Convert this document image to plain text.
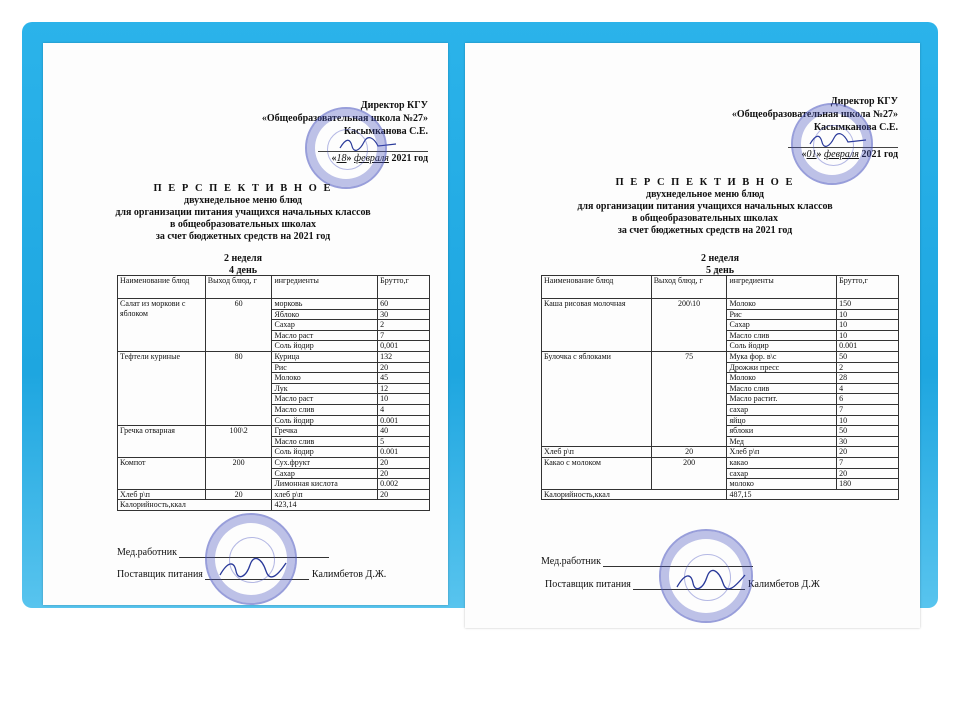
Директор КГУ
«Общеобразовательная школа №27»
Касымканова С.Е.
«18» февраля 2021 год
П Е Р С П Е К Т И В Н О Е
двухнедельное меню блюд
для организации питания учащихся начальных классов
в общеобразовательных школах
за счет бюджетных средств на 2021 год
2 неделя
4 день
Наименование блюд	Выход блюд, г	ингредиенты	Брутто,г
Салат из моркови с яблоком	60	морковь	60
		Яблоко	30
		Сахар	2
		Масло раст	7
		Соль йодир	0,001
Тефтели куриные	80	Курица	132
		Рис	20
		Молоко	45
		Лук	12
		Масло раст	10
		Масло слив	4
		Соль йодир	0.001
Гречка отварная	100\2	Гречка	40
		Масло слив	5
		Соль йодир	0.001
Компот	200	Сух.фрукт	20
		Сахар	20
		Лимонная кислота	0.002
Хлеб р\п	20	хлеб р\п	20
Калорийность,ккал		423,14	
Мед.работник
Поставщик питания	Калимбетов Д.Ж.
Директор КГУ
«Общеобразовательная школа №27»
Касымканова С.Е.
«01» февраля 2021 год
П Е Р С П Е К Т И В Н О Е
двухнедельное меню блюд
для организации питания учащихся начальных классов
в общеобразовательных школах
за счет бюджетных средств на 2021 год
2 неделя
5 день
Наименование блюд	Выход блюд, г	ингредиенты	Брутто,г
Каша рисовая молочная	200\10	Молоко	150
		Рис	10
		Сахар	10
		Масло слив	10
		Соль йодир	0.001
Булочка с яблоками	75	Мука фор. в\с	50
		Дрожжи пресс	2
		Молоко	28
		Масло слив	4
		Масло растит.	6
		сахар	7
		яйцо	10
		яблоки	50
		Мед	30
Хлеб р\п	20	Хлеб р\п	20
Какао с молоком	200	какао	7
		сахар	20
		молоко	180
Калорийность,ккал		487,15	
Мед.работник
Поставщик питания	Калимбетов Д.Ж
